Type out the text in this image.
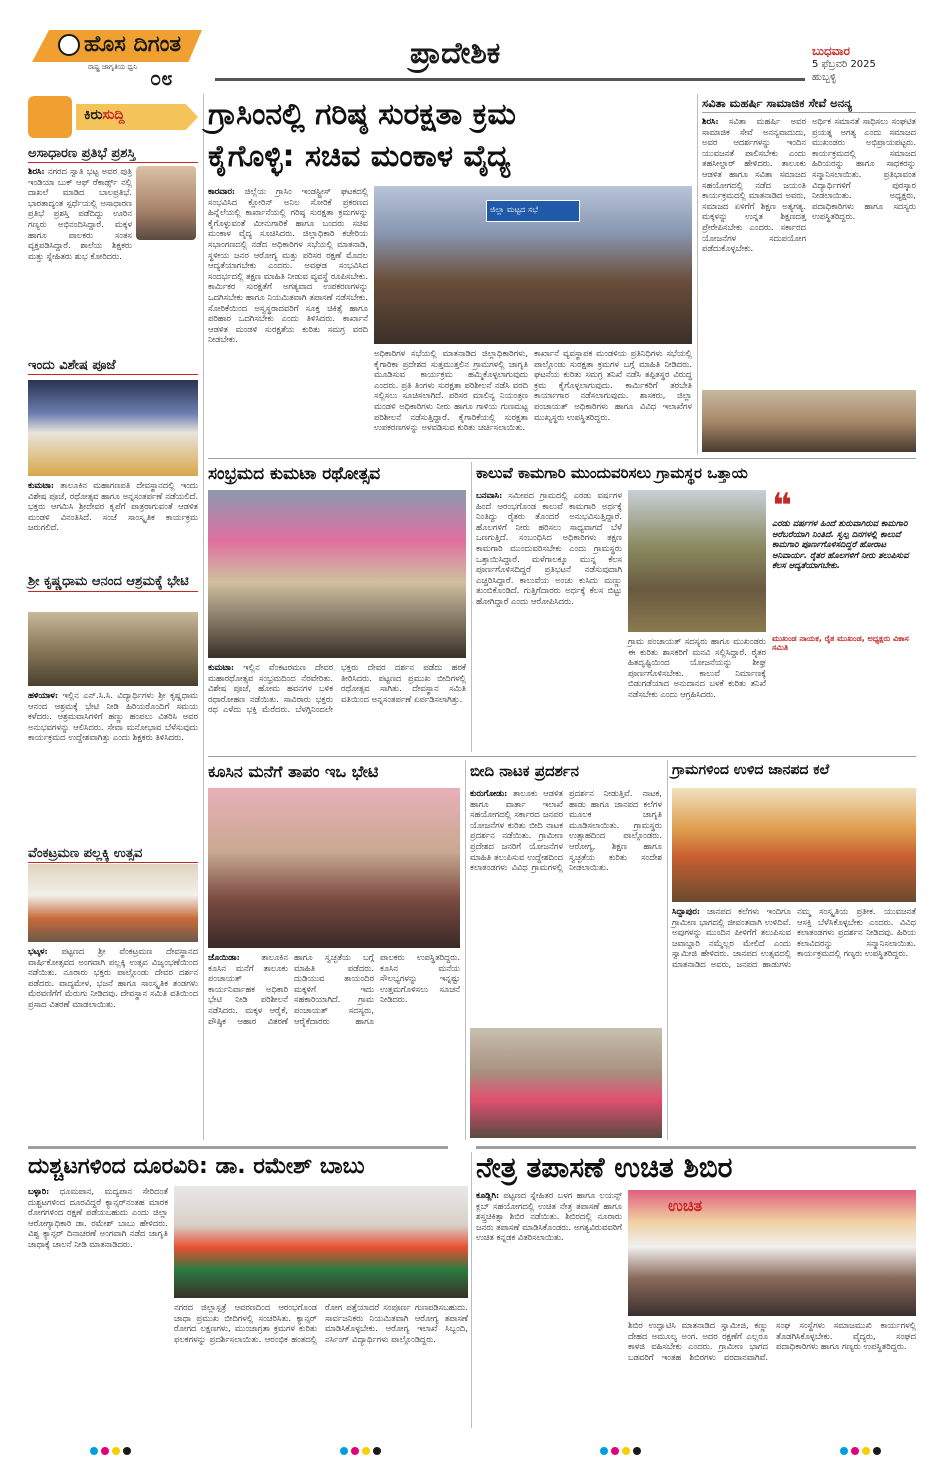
ಹೊಸ ದಿಗಂತ
ರಾಷ್ಟ್ರ ಜಾಗೃತಿಯ ಧ್ವನಿ ೦೮
ಪ್ರಾದೇಶಿಕ	ಬುಧವಾರ
5 ಫೆಬ್ರವರಿ 2025
ಹುಬ್ಬಳ್ಳಿ
ಕಿರುಸುದ್ದಿ
ಅಸಾಧಾರಣ ಪ್ರತಿಭೆ ಪ್ರಶಸ್ತಿ
ಶಿರಸಿ: ನಗರದ ಸ್ವಾತಿ ಭಟ್ಟ ಅವರ ಪುತ್ರಿ ಇಂಡಿಯಾ ಬುಕ್ ಆಫ್ ರೆಕಾರ್ಡ್ಸ್ ನಲ್ಲಿ ದಾಖಲೆ ಮಾಡಿದ ಬಾಲಪ್ರತಿಭೆ. ಭಾರತಾದ್ಯಂತ ಸ್ಪರ್ಧೆಯಲ್ಲಿ ಅಸಾಧಾರಣ ಪ್ರತಿಭೆ ಪ್ರಶಸ್ತಿ ಪಡೆದಿದ್ದು ಊರಿನ ಗಣ್ಯರು ಅಭಿನಂದಿಸಿದ್ದಾರೆ. ಮಕ್ಕಳ ಹಾಗೂ ಪಾಲಕರು ಸಂತಸ ವ್ಯಕ್ತಪಡಿಸಿದ್ದಾರೆ. ಶಾಲೆಯ ಶಿಕ್ಷಕರು ಮತ್ತು ಸ್ನೇಹಿತರು ಶುಭ ಕೋರಿದರು.
ಇಂದು ವಿಶೇಷ ಪೂಜೆ
ಕುಮಟಾ: ತಾಲೂಕಿನ ಮಹಾಗಣಪತಿ ದೇವಸ್ಥಾನದಲ್ಲಿ ಇಂದು ವಿಶೇಷ ಪೂಜೆ, ರಥೋತ್ಸವ ಹಾಗೂ ಅನ್ನಸಂತರ್ಪಣೆ ನಡೆಯಲಿದೆ. ಭಕ್ತರು ಆಗಮಿಸಿ ಶ್ರೀದೇವರ ಕೃಪೆಗೆ ಪಾತ್ರರಾಗುವಂತೆ ಆಡಳಿತ ಮಂಡಳಿ ವಿನಂತಿಸಿದೆ. ಸಂಜೆ ಸಾಂಸ್ಕೃತಿಕ ಕಾರ್ಯಕ್ರಮ ಜರುಗಲಿದೆ.
ಶ್ರೀ ಕೃಷ್ಣಧಾಮ ಆನಂದ ಆಶ್ರಮಕ್ಕೆ ಭೇಟಿ
ಹಳಿಯಾಳ: ಇಲ್ಲಿನ ಎನ್.ಸಿ.ಸಿ. ವಿದ್ಯಾರ್ಥಿಗಳು ಶ್ರೀ ಕೃಷ್ಣಧಾಮ ಆನಂದ ಆಶ್ರಮಕ್ಕೆ ಭೇಟಿ ನೀಡಿ ಹಿರಿಯರೊಂದಿಗೆ ಸಮಯ ಕಳೆದರು. ಆಶ್ರಮವಾಸಿಗಳಿಗೆ ಹಣ್ಣು ಹಂಪಲು ವಿತರಿಸಿ ಅವರ ಅನುಭವಗಳನ್ನು ಆಲಿಸಿದರು. ಸೇವಾ ಮನೋಭಾವ ಬೆಳೆಸುವುದು ಕಾರ್ಯಕ್ರಮದ ಉದ್ದೇಶವಾಗಿತ್ತು ಎಂದು ಶಿಕ್ಷಕರು ತಿಳಿಸಿದರು.
ವೆಂಕಟ್ರಮಣ ಪಲ್ಲಕ್ಕಿ ಉತ್ಸವ
ಭಟ್ಕಳ: ಪಟ್ಟಣದ ಶ್ರೀ ವೆಂಕಟ್ರಮಣ ದೇವಸ್ಥಾನದ ವಾರ್ಷಿಕೋತ್ಸವದ ಅಂಗವಾಗಿ ಪಲ್ಲಕ್ಕಿ ಉತ್ಸವ ವಿಜೃಂಭಣೆಯಿಂದ ನಡೆಯಿತು. ನೂರಾರು ಭಕ್ತರು ಪಾಲ್ಗೊಂಡು ದೇವರ ದರ್ಶನ ಪಡೆದರು. ವಾದ್ಯಮೇಳ, ಭಜನೆ ಹಾಗೂ ಸಾಂಸ್ಕೃತಿಕ ತಂಡಗಳು ಮೆರವಣಿಗೆಗೆ ಮೆರುಗು ನೀಡಿದವು. ದೇವಸ್ಥಾನ ಸಮಿತಿ ವತಿಯಿಂದ ಪ್ರಸಾದ ವಿತರಣೆ ಮಾಡಲಾಯಿತು.
ಗ್ರಾಸಿಂನಲ್ಲಿ ಗರಿಷ್ಠ ಸುರಕ್ಷತಾ ಕ್ರಮ
ಕೈಗೊಳ್ಳಿ: ಸಚಿವ ಮಂಕಾಳ ವೈದ್ಯ
ಕಾರವಾರ: ಜಿಲ್ಲೆಯ ಗ್ರಾಸಿಂ ಇಂಡಸ್ಟ್ರೀಸ್ ಘಟಕದಲ್ಲಿ ಸಂಭವಿಸಿದ ಕ್ಲೋರಿನ್ ಅನಿಲ ಸೋರಿಕೆ ಪ್ರಕರಣದ ಹಿನ್ನೆಲೆಯಲ್ಲಿ ಕಾರ್ಖಾನೆಯಲ್ಲಿ ಗರಿಷ್ಠ ಸುರಕ್ಷತಾ ಕ್ರಮಗಳನ್ನು ಕೈಗೊಳ್ಳುವಂತೆ ಮೀನುಗಾರಿಕೆ ಹಾಗೂ ಬಂದರು ಸಚಿವ ಮಂಕಾಳ ವೈದ್ಯ ಸೂಚಿಸಿದರು. ಜಿಲ್ಲಾಧಿಕಾರಿ ಕಚೇರಿಯ ಸಭಾಂಗಣದಲ್ಲಿ ನಡೆದ ಅಧಿಕಾರಿಗಳ ಸಭೆಯಲ್ಲಿ ಮಾತನಾಡಿ, ಸ್ಥಳೀಯ ಜನರ ಆರೋಗ್ಯ ಮತ್ತು ಪರಿಸರ ರಕ್ಷಣೆ ಮೊದಲ ಆದ್ಯತೆಯಾಗಬೇಕು ಎಂದರು. ಅವಘಡ ಸಂಭವಿಸಿದ ಸಂದರ್ಭದಲ್ಲಿ ತಕ್ಷಣ ಮಾಹಿತಿ ನೀಡುವ ವ್ಯವಸ್ಥೆ ರೂಪಿಸಬೇಕು. ಕಾರ್ಮಿಕರ ಸುರಕ್ಷತೆಗೆ ಅಗತ್ಯವಾದ ಉಪಕರಣಗಳನ್ನು ಒದಗಿಸಬೇಕು ಹಾಗೂ ನಿಯಮಿತವಾಗಿ ತಪಾಸಣೆ ನಡೆಸಬೇಕು. ಸೋರಿಕೆಯಿಂದ ಅಸ್ವಸ್ಥರಾದವರಿಗೆ ಸೂಕ್ತ ಚಿಕಿತ್ಸೆ ಹಾಗೂ ಪರಿಹಾರ ಒದಗಿಸಬೇಕು ಎಂದು ತಿಳಿಸಿದರು. ಕಾರ್ಖಾನೆ ಆಡಳಿತ ಮಂಡಳಿ ಸುರಕ್ಷತೆಯ ಕುರಿತು ಸಮಗ್ರ ವರದಿ ನೀಡಬೇಕು.
ಜಿಲ್ಲಾ ಮಟ್ಟದ ಸಭೆ
ಅಧಿಕಾರಿಗಳ ಸಭೆಯಲ್ಲಿ ಮಾತನಾಡಿದ ಜಿಲ್ಲಾಧಿಕಾರಿಗಳು, ಕೈಗಾರಿಕಾ ಪ್ರದೇಶದ ಸುತ್ತಮುತ್ತಲಿನ ಗ್ರಾಮಗಳಲ್ಲಿ ಜಾಗೃತಿ ಮೂಡಿಸುವ ಕಾರ್ಯಕ್ರಮ ಹಮ್ಮಿಕೊಳ್ಳಲಾಗುವುದು ಎಂದರು. ಪ್ರತಿ ತಿಂಗಳು ಸುರಕ್ಷತಾ ಪರಿಶೀಲನೆ ನಡೆಸಿ ವರದಿ ಸಲ್ಲಿಸಲು ಸೂಚಿಸಲಾಗಿದೆ. ಪರಿಸರ ಮಾಲಿನ್ಯ ನಿಯಂತ್ರಣ ಮಂಡಳಿ ಅಧಿಕಾರಿಗಳು ನೀರು ಹಾಗೂ ಗಾಳಿಯ ಗುಣಮಟ್ಟ ಪರಿಶೀಲನೆ ನಡೆಸುತ್ತಿದ್ದಾರೆ. ಕೈಗಾರಿಕೆಯಲ್ಲಿ ಸುರಕ್ಷತಾ ಉಪಕರಣಗಳನ್ನು ಅಳವಡಿಸುವ ಕುರಿತು ಚರ್ಚಿಸಲಾಯಿತು.
ಕಾರ್ಖಾನೆ ವ್ಯವಸ್ಥಾಪಕ ಮಂಡಳಿಯ ಪ್ರತಿನಿಧಿಗಳು ಸಭೆಯಲ್ಲಿ ಪಾಲ್ಗೊಂಡು ಸುರಕ್ಷತಾ ಕ್ರಮಗಳ ಬಗ್ಗೆ ಮಾಹಿತಿ ನೀಡಿದರು. ಘಟನೆಯ ಕುರಿತು ಸಮಗ್ರ ತನಿಖೆ ನಡೆಸಿ ತಪ್ಪಿತಸ್ಥರ ವಿರುದ್ಧ ಕ್ರಮ ಕೈಗೊಳ್ಳಲಾಗುವುದು. ಕಾರ್ಮಿಕರಿಗೆ ತರಬೇತಿ ಕಾರ್ಯಾಗಾರ ನಡೆಸಲಾಗುವುದು. ಶಾಸಕರು, ಜಿಲ್ಲಾ ಪಂಚಾಯತ್ ಅಧಿಕಾರಿಗಳು ಹಾಗೂ ವಿವಿಧ ಇಲಾಖೆಗಳ ಮುಖ್ಯಸ್ಥರು ಉಪಸ್ಥಿತರಿದ್ದರು.
ಸವಿತಾ ಮಹರ್ಷಿ ಸಾಮಾಜಿಕ ಸೇವೆ ಅನನ್ಯ
ಶಿರಸಿ: ಸವಿತಾ ಮಹರ್ಷಿ ಅವರ ಸಾಮಾಜಿಕ ಸೇವೆ ಅನನ್ಯವಾದುದು, ಅವರ ಆದರ್ಶಗಳನ್ನು ಇಂದಿನ ಯುವಜನತೆ ಪಾಲಿಸಬೇಕು ಎಂದು ತಹಸೀಲ್ದಾರ್ ಹೇಳಿದರು. ತಾಲೂಕು ಆಡಳಿತ ಹಾಗೂ ಸವಿತಾ ಸಮಾಜದ ಸಹಯೋಗದಲ್ಲಿ ನಡೆದ ಜಯಂತಿ ಕಾರ್ಯಕ್ರಮದಲ್ಲಿ ಮಾತನಾಡಿದ ಅವರು, ಸಮಾಜದ ಏಳಿಗೆಗೆ ಶಿಕ್ಷಣ ಅತ್ಯಗತ್ಯ. ಮಕ್ಕಳನ್ನು ಉನ್ನತ ಶಿಕ್ಷಣದತ್ತ ಪ್ರೇರೇಪಿಸಬೇಕು ಎಂದರು. ಸರ್ಕಾರದ ಯೋಜನೆಗಳ ಸದುಪಯೋಗ ಪಡೆದುಕೊಳ್ಳಬೇಕು.
ಅರ್ಥಿಕ ಸಮಾನತೆ ಸಾಧಿಸಲು ಸಂಘಟಿತ ಪ್ರಯತ್ನ ಅಗತ್ಯ ಎಂದು ಸಮಾಜದ ಮುಖಂಡರು ಅಭಿಪ್ರಾಯಪಟ್ಟರು. ಕಾರ್ಯಕ್ರಮದಲ್ಲಿ ಸಮಾಜದ ಹಿರಿಯರನ್ನು ಹಾಗೂ ಸಾಧಕರನ್ನು ಸನ್ಮಾನಿಸಲಾಯಿತು. ಪ್ರತಿಭಾವಂತ ವಿದ್ಯಾರ್ಥಿಗಳಿಗೆ ಪುರಸ್ಕಾರ ನೀಡಲಾಯಿತು. ಅಧ್ಯಕ್ಷರು, ಪದಾಧಿಕಾರಿಗಳು ಹಾಗೂ ಸದಸ್ಯರು ಉಪಸ್ಥಿತರಿದ್ದರು.
ಸಂಭ್ರಮದ ಕುಮಟಾ ರಥೋತ್ಸವ
ಕುಮಟಾ: ಇಲ್ಲಿನ ವೆಂಕಟರಮಣ ದೇವರ ಮಹಾರಥೋತ್ಸವ ಸಂಭ್ರಮದಿಂದ ನೆರವೇರಿತು. ವಿಶೇಷ ಪೂಜೆ, ಹೋಮ ಹವನಗಳ ಬಳಿಕ ರಥಾರೋಹಣ ನಡೆಯಿತು. ಸಾವಿರಾರು ಭಕ್ತರು ರಥ ಎಳೆದು ಭಕ್ತಿ ಮೆರೆದರು. ಬೆಳಗ್ಗಿನಿಂದಲೇ ಭಕ್ತರು ದೇವರ ದರ್ಶನ ಪಡೆದು ಹರಕೆ ತೀರಿಸಿದರು. ಪಟ್ಟಣದ ಪ್ರಮುಖ ಬೀದಿಗಳಲ್ಲಿ ರಥೋತ್ಸವ ಸಾಗಿತು. ದೇವಸ್ಥಾನ ಸಮಿತಿ ವತಿಯಿಂದ ಅನ್ನಸಂತರ್ಪಣೆ ಏರ್ಪಡಿಸಲಾಗಿತ್ತು.
ಕಾಲುವೆ ಕಾಮಗಾರಿ ಮುಂದುವರಿಸಲು ಗ್ರಾಮಸ್ಥರ ಒತ್ತಾಯ
ಬನವಾಸಿ: ಸಮೀಪದ ಗ್ರಾಮದಲ್ಲಿ ಎರಡು ವರ್ಷಗಳ ಹಿಂದೆ ಆರಂಭಗೊಂಡ ಕಾಲುವೆ ಕಾಮಗಾರಿ ಅರ್ಧಕ್ಕೆ ನಿಂತಿದ್ದು ರೈತರು ತೊಂದರೆ ಅನುಭವಿಸುತ್ತಿದ್ದಾರೆ. ಹೊಲಗಳಿಗೆ ನೀರು ಹರಿಸಲು ಸಾಧ್ಯವಾಗದೆ ಬೆಳೆ ಒಣಗುತ್ತಿದೆ. ಸಂಬಂಧಿಸಿದ ಅಧಿಕಾರಿಗಳು ತಕ್ಷಣ ಕಾಮಗಾರಿ ಮುಂದುವರಿಸಬೇಕು ಎಂದು ಗ್ರಾಮಸ್ಥರು ಒತ್ತಾಯಿಸಿದ್ದಾರೆ. ಮಳೆಗಾಲಕ್ಕೂ ಮುನ್ನ ಕೆಲಸ ಪೂರ್ಣಗೊಳಿಸದಿದ್ದರೆ ಪ್ರತಿಭಟನೆ ನಡೆಸುವುದಾಗಿ ಎಚ್ಚರಿಸಿದ್ದಾರೆ. ಕಾಲುವೆಯ ಅಂಚು ಕುಸಿದು ಮಣ್ಣು ತುಂಬಿಕೊಂಡಿದೆ. ಗುತ್ತಿಗೆದಾರರು ಅರ್ಧಕ್ಕೆ ಕೆಲಸ ಬಿಟ್ಟು ಹೋಗಿದ್ದಾರೆ ಎಂದು ಆರೋಪಿಸಿದರು.
ಗ್ರಾಮ ಪಂಚಾಯತ್ ಸದಸ್ಯರು ಹಾಗೂ ಮುಖಂಡರು ಈ ಕುರಿತು ಶಾಸಕರಿಗೆ ಮನವಿ ಸಲ್ಲಿಸಿದ್ದಾರೆ. ರೈತರ ಹಿತದೃಷ್ಟಿಯಿಂದ ಯೋಜನೆಯನ್ನು ಶೀಘ್ರ ಪೂರ್ಣಗೊಳಿಸಬೇಕು. ಕಾಲುವೆ ನಿರ್ಮಾಣಕ್ಕೆ ಬಿಡುಗಡೆಯಾದ ಅನುದಾನದ ಬಳಕೆ ಕುರಿತು ತನಿಖೆ ನಡೆಸಬೇಕು ಎಂದು ಆಗ್ರಹಿಸಿದರು.
❝
ಎರಡು ವರ್ಷಗಳ ಹಿಂದೆ ಶುರುವಾಗಿರುವ ಕಾಮಗಾರಿ ಅರೆಬರೆಯಾಗಿ ನಿಂತಿದೆ. ಸ್ವಲ್ಪ ದಿನಗಳಲ್ಲಿ ಕಾಲುವೆ ಕಾಮಗಾರಿ ಪೂರ್ಣಗೊಳಿಸದಿದ್ದರೆ ಹೋರಾಟ ಅನಿವಾರ್ಯ. ರೈತರ ಹೊಲಗಳಿಗೆ ನೀರು ತಲುಪಿಸುವ ಕೆಲಸ ಆದ್ಯತೆಯಾಗಬೇಕು.
ಮುಖಂಡ ನಾಯಕ, ರೈತ ಮುಖಂಡ, ಅಧ್ಯಕ್ಷರು ವಿಕಾಸ ಸಮಿತಿ
ಕೂಸಿನ ಮನೆಗೆ ತಾಪಂ ಇಒ ಭೇಟಿ
ಜೊಯಿಡಾ:	ತಾಲೂಕಿನ ಕೂಸಿನ ಮನೆಗೆ ತಾಲೂಕು ಪಂಚಾಯತ್ ಕಾರ್ಯನಿರ್ವಾಹಕ ಅಧಿಕಾರಿ ಭೇಟಿ ನೀಡಿ ಪರಿಶೀಲನೆ ನಡೆಸಿದರು. ಮಕ್ಕಳ ಆರೈಕೆ, ಪೌಷ್ಠಿಕ ಆಹಾರ ವಿತರಣೆ ಹಾಗೂ ಸ್ವಚ್ಛತೆಯ ಬಗ್ಗೆ ಮಾಹಿತಿ ಪಡೆದರು. ದುಡಿಯುವ ತಾಯಂದಿರ ಮಕ್ಕಳಿಗೆ ಇದು ಸಹಕಾರಿಯಾಗಿದೆ. ಗ್ರಾಮ ಪಂಚಾಯತ್ ಸದಸ್ಯರು, ಆರೈಕೆದಾರರು ಹಾಗೂ ಪಾಲಕರು ಉಪಸ್ಥಿತರಿದ್ದರು. ಕೂಸಿನ ಮನೆಯ ಸೌಲಭ್ಯಗಳನ್ನು ಇನ್ನಷ್ಟು ಉತ್ತಮಗೊಳಿಸಲು ಸೂಚನೆ ನೀಡಿದರು.
ಬೀದಿ ನಾಟಕ ಪ್ರದರ್ಶನ
ಕುರುಗೋಡು: ತಾಲೂಕು ಆಡಳಿತ ಹಾಗೂ ವಾರ್ತಾ ಇಲಾಖೆ ಸಹಯೋಗದಲ್ಲಿ ಸರ್ಕಾರದ ಜನಪರ ಯೋಜನೆಗಳ ಕುರಿತು ಬೀದಿ ನಾಟಕ ಪ್ರದರ್ಶನ ನಡೆಯಿತು. ಗ್ರಾಮೀಣ ಪ್ರದೇಶದ ಜನರಿಗೆ ಯೋಜನೆಗಳ ಮಾಹಿತಿ ತಲುಪಿಸುವ ಉದ್ದೇಶದಿಂದ ಕಲಾತಂಡಗಳು ವಿವಿಧ ಗ್ರಾಮಗಳಲ್ಲಿ ಪ್ರದರ್ಶನ ನೀಡುತ್ತಿವೆ. ನಾಟಕ, ಹಾಡು ಹಾಗೂ ಜಾನಪದ ಕಲೆಗಳ ಮೂಲಕ ಜಾಗೃತಿ ಮೂಡಿಸಲಾಯಿತು. ಗ್ರಾಮಸ್ಥರು ಉತ್ಸಾಹದಿಂದ ಪಾಲ್ಗೊಂಡರು. ಆರೋಗ್ಯ, ಶಿಕ್ಷಣ ಹಾಗೂ ಸ್ವಚ್ಛತೆಯ ಕುರಿತು ಸಂದೇಶ ನೀಡಲಾಯಿತು.
ಗ್ರಾಮಗಳಿಂದ ಉಳಿದ ಜಾನಪದ ಕಲೆ
ಸಿದ್ದಾಪುರ: ಜಾನಪದ ಕಲೆಗಳು ಇಂದಿಗೂ ಗ್ರಾಮೀಣ ಭಾಗದಲ್ಲಿ ಜೀವಂತವಾಗಿ ಉಳಿದಿವೆ. ಅವುಗಳನ್ನು ಮುಂದಿನ ಪೀಳಿಗೆಗೆ ತಲುಪಿಸುವ ಜವಾಬ್ದಾರಿ ನಮ್ಮೆಲ್ಲರ ಮೇಲಿದೆ ಎಂದು ಸ್ವಾಮೀಜಿ ಹೇಳಿದರು. ಜಾನಪದ ಉತ್ಸವದಲ್ಲಿ ಮಾತನಾಡಿದ ಅವರು, ಜನಪದ ಹಾಡುಗಳು ನಮ್ಮ ಸಂಸ್ಕೃತಿಯ ಪ್ರತೀಕ. ಯುವಜನತೆ ಆಸಕ್ತಿ ಬೆಳೆಸಿಕೊಳ್ಳಬೇಕು ಎಂದರು. ವಿವಿಧ ಕಲಾತಂಡಗಳು ಪ್ರದರ್ಶನ ನೀಡಿದವು. ಹಿರಿಯ ಕಲಾವಿದರನ್ನು ಸನ್ಮಾನಿಸಲಾಯಿತು. ಕಾರ್ಯಕ್ರಮದಲ್ಲಿ ಗಣ್ಯರು ಉಪಸ್ಥಿತರಿದ್ದರು.
ದುಶ್ಚಟಗಳಿಂದ ದೂರವಿರಿ: ಡಾ. ರಮೇಶ್ ಬಾಬು
ಬಳ್ಳಾರಿ: ಧೂಮಪಾನ, ಮದ್ಯಪಾನ ಸೇರಿದಂತೆ ದುಶ್ಚಟಗಳಿಂದ ದೂರವಿದ್ದರೆ ಕ್ಯಾನ್ಸರ್‌ನಂತಹ ಮಾರಕ ರೋಗಗಳಿಂದ ರಕ್ಷಣೆ ಪಡೆಯಬಹುದು ಎಂದು ಜಿಲ್ಲಾ ಆರೋಗ್ಯಾಧಿಕಾರಿ ಡಾ. ರಮೇಶ್ ಬಾಬು ಹೇಳಿದರು. ವಿಶ್ವ ಕ್ಯಾನ್ಸರ್ ದಿನಾಚರಣೆ ಅಂಗವಾಗಿ ನಡೆದ ಜಾಗೃತಿ ಜಾಥಾಕ್ಕೆ ಚಾಲನೆ ನೀಡಿ ಮಾತನಾಡಿದರು.
ನಗರದ ಜಿಲ್ಲಾಸ್ಪತ್ರೆ ಆವರಣದಿಂದ ಆರಂಭಗೊಂಡ ಜಾಥಾ ಪ್ರಮುಖ ಬೀದಿಗಳಲ್ಲಿ ಸಂಚರಿಸಿತು. ಕ್ಯಾನ್ಸರ್ ರೋಗದ ಲಕ್ಷಣಗಳು, ಮುಂಜಾಗ್ರತಾ ಕ್ರಮಗಳ ಕುರಿತು ಫಲಕಗಳನ್ನು ಪ್ರದರ್ಶಿಸಲಾಯಿತು. ಆರಂಭಿಕ ಹಂತದಲ್ಲಿ ರೋಗ ಪತ್ತೆಯಾದರೆ ಸಂಪೂರ್ಣ ಗುಣಪಡಿಸಬಹುದು. ಸಾರ್ವಜನಿಕರು ನಿಯಮಿತವಾಗಿ ಆರೋಗ್ಯ ತಪಾಸಣೆ ಮಾಡಿಸಿಕೊಳ್ಳಬೇಕು. ಆರೋಗ್ಯ ಇಲಾಖೆ ಸಿಬ್ಬಂದಿ, ನರ್ಸಿಂಗ್ ವಿದ್ಯಾರ್ಥಿಗಳು ಪಾಲ್ಗೊಂಡಿದ್ದರು.
ನೇತ್ರ ತಪಾಸಣೆ ಉಚಿತ ಶಿಬಿರ
ಕೂಡ್ಲಿಗಿ: ಪಟ್ಟಣದ ಸ್ನೇಹಿತರ ಬಳಗ ಹಾಗೂ ಲಯನ್ಸ್ ಕ್ಲಬ್ ಸಹಯೋಗದಲ್ಲಿ ಉಚಿತ ನೇತ್ರ ತಪಾಸಣೆ ಹಾಗೂ ಶಸ್ತ್ರಚಿಕಿತ್ಸಾ ಶಿಬಿರ ನಡೆಯಿತು. ಶಿಬಿರದಲ್ಲಿ ನೂರಾರು ಜನರು ತಪಾಸಣೆ ಮಾಡಿಸಿಕೊಂಡರು. ಅಗತ್ಯವಿರುವವರಿಗೆ ಉಚಿತ ಕನ್ನಡಕ ವಿತರಿಸಲಾಯಿತು.
ಉಚಿತ
ಶಿಬಿರ ಉದ್ಘಾಟಿಸಿ ಮಾತನಾಡಿದ ಸ್ವಾಮೀಜಿ, ಕಣ್ಣು ದೇಹದ ಅಮೂಲ್ಯ ಅಂಗ. ಅದರ ರಕ್ಷಣೆಗೆ ಎಲ್ಲರೂ ಕಾಳಜಿ ವಹಿಸಬೇಕು ಎಂದರು. ಗ್ರಾಮೀಣ ಭಾಗದ ಬಡವರಿಗೆ ಇಂತಹ ಶಿಬಿರಗಳು ವರದಾನವಾಗಿವೆ. ಸಂಘ ಸಂಸ್ಥೆಗಳು ಸಮಾಜಮುಖಿ ಕಾರ್ಯಗಳಲ್ಲಿ ತೊಡಗಿಸಿಕೊಳ್ಳಬೇಕು. ವೈದ್ಯರು, ಸಂಘದ ಪದಾಧಿಕಾರಿಗಳು ಹಾಗೂ ಗಣ್ಯರು ಉಪಸ್ಥಿತರಿದ್ದರು.
